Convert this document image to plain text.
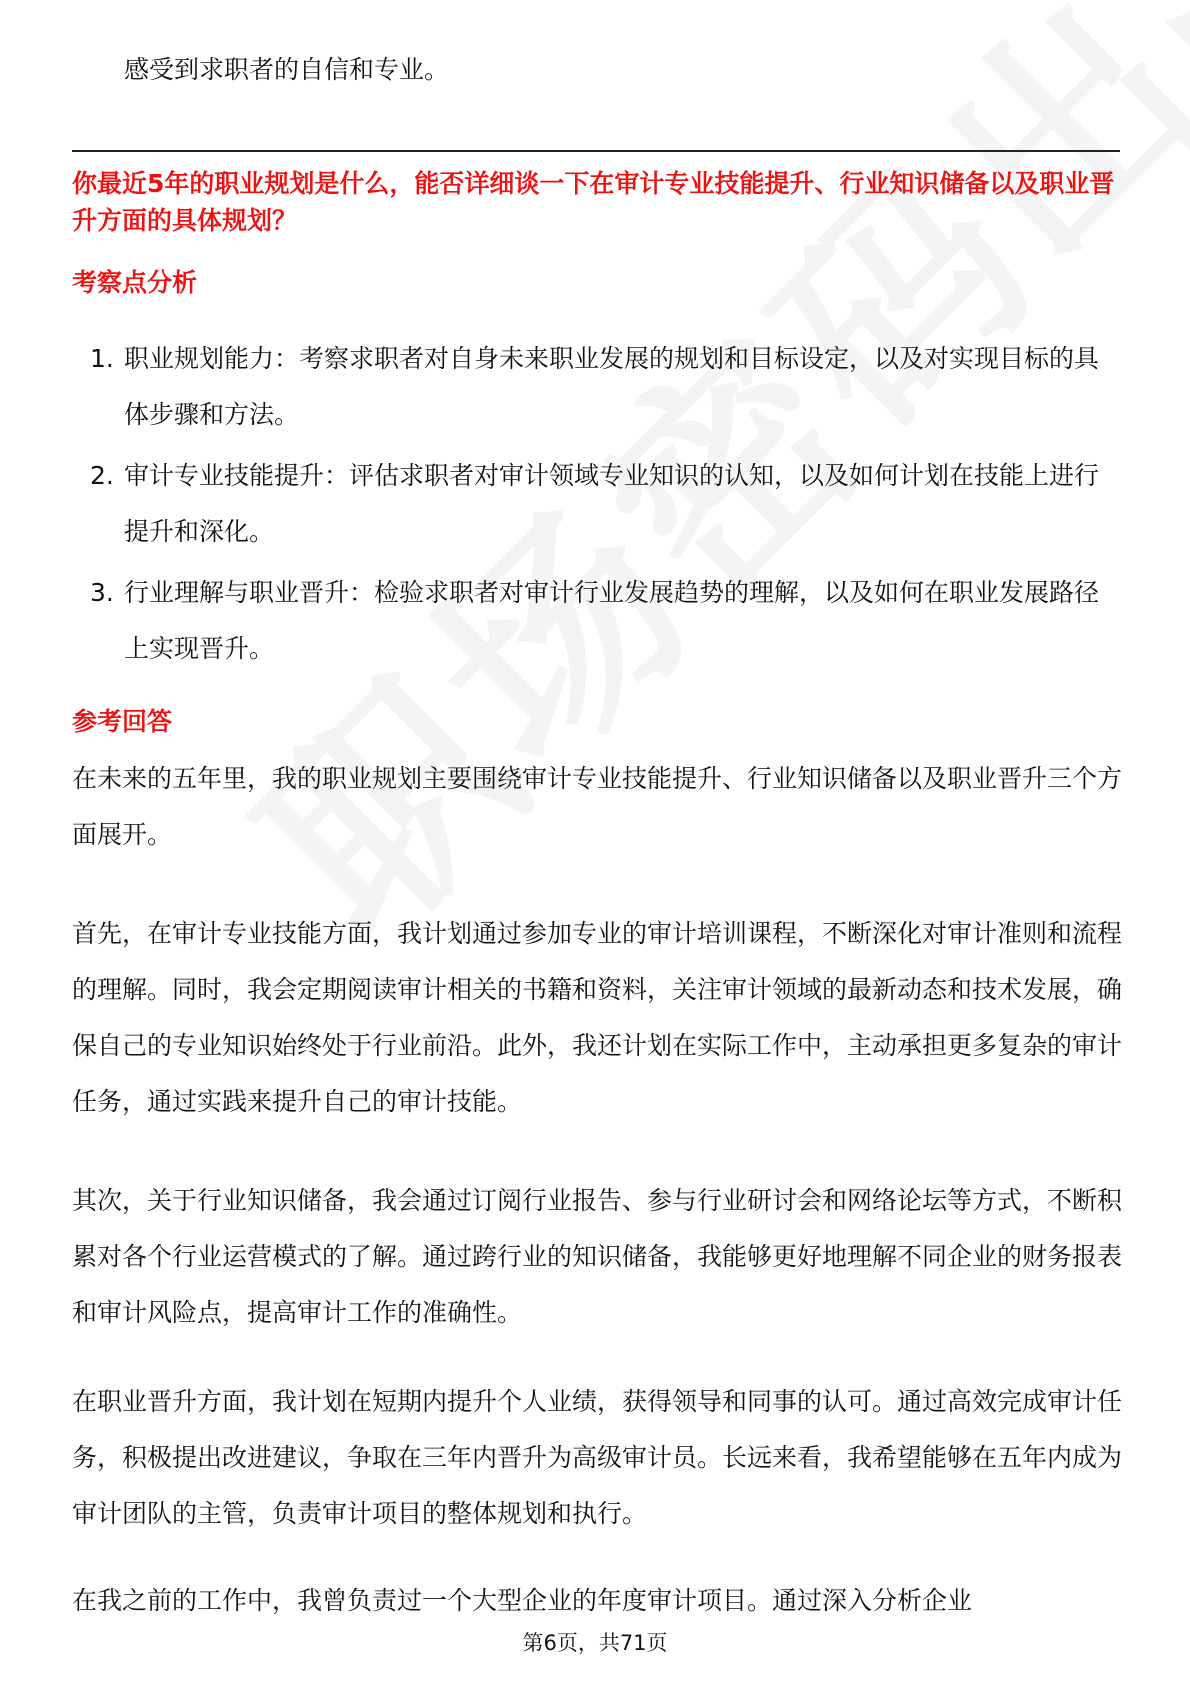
感受到求职者的自信和专业。
你最近5年的职业规划是什么，能否详细谈一下在审计专业技能提升、行业知识储备以及职业晋升方面的具体规划？
考察点分析
1. 职业规划能力：考察求职者对自身未来职业发展的规划和目标设定，以及对实现目标的具体步骤和方法。
2. 审计专业技能提升：评估求职者对审计领域专业知识的认知，以及如何计划在技能上进行提升和深化。
3. 行业理解与职业晋升：检验求职者对审计行业发展趋势的理解，以及如何在职业发展路径上实现晋升。
参考回答
在未来的五年里，我的职业规划主要围绕审计专业技能提升、行业知识储备以及职业晋升三个方面展开。
首先，在审计专业技能方面，我计划通过参加专业的审计培训课程，不断深化对审计准则和流程的理解。同时，我会定期阅读审计相关的书籍和资料，关注审计领域的最新动态和技术发展，确保自己的专业知识始终处于行业前沿。此外，我还计划在实际工作中，主动承担更多复杂的审计任务，通过实践来提升自己的审计技能。
其次，关于行业知识储备，我会通过订阅行业报告、参与行业研讨会和网络论坛等方式，不断积累对各个行业运营模式的了解。通过跨行业的知识储备，我能够更好地理解不同企业的财务报表和审计风险点，提高审计工作的准确性。
在职业晋升方面，我计划在短期内提升个人业绩，获得领导和同事的认可。通过高效完成审计任务，积极提出改进建议，争取在三年内晋升为高级审计员。长远来看，我希望能够在五年内成为审计团队的主管，负责审计项目的整体规划和执行。
在我之前的工作中，我曾负责过一个大型企业的年度审计项目。通过深入分析企业
第6页，共71页
